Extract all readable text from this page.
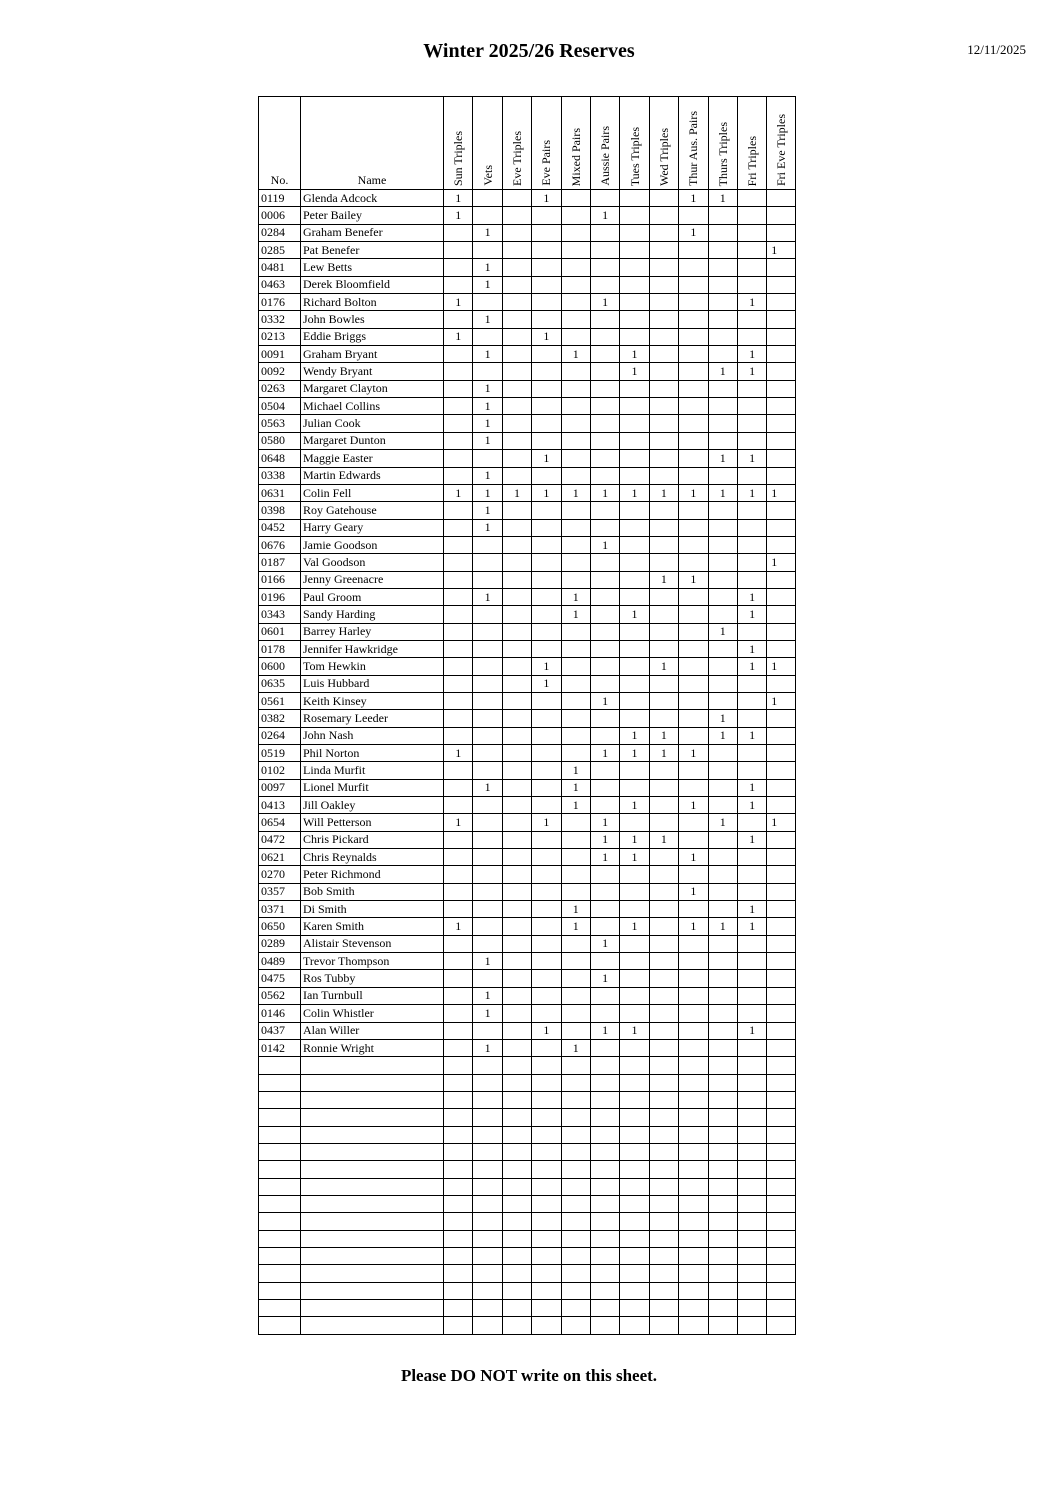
Winter 2025/26 Reserves	12/11/2025
No.	Name	Sun Triples	Vets	Eve Triples	Eve Pairs	Mixed Pairs	Aussie Pairs	Tues Triples	Wed Triples	Thur Aus. Pairs	Thurs Triples	Fri Triples	Fri Eve Triples

0119	Glenda Adcock	1			1					1	1		
0006	Peter Bailey	1					1						
0284	Graham Benefer		1							1			
0285	Pat Benefer												1
0481	Lew Betts		1										
0463	Derek Bloomfield		1										
0176	Richard Bolton	1					1					1	
0332	John Bowles		1										
0213	Eddie Briggs	1			1								
0091	Graham Bryant		1			1		1				1	
0092	Wendy Bryant							1			1	1	
0263	Margaret Clayton		1										
0504	Michael Collins		1										
0563	Julian Cook		1										
0580	Margaret Dunton		1										
0648	Maggie Easter				1						1	1	
0338	Martin Edwards		1										
0631	Colin Fell	1	1	1	1	1	1	1	1	1	1	1	1
0398	Roy Gatehouse		1										
0452	Harry Geary		1										
0676	Jamie Goodson						1						
0187	Val Goodson												1
0166	Jenny Greenacre								1	1			
0196	Paul Groom		1			1						1	
0343	Sandy Harding					1		1				1	
0601	Barrey Harley										1		
0178	Jennifer Hawkridge											1	
0600	Tom Hewkin				1				1			1	1
0635	Luis Hubbard				1								
0561	Keith Kinsey						1						1
0382	Rosemary Leeder										1		
0264	John Nash							1	1		1	1	
0519	Phil Norton	1					1	1	1	1			
0102	Linda Murfit					1							
0097	Lionel Murfit		1			1						1	
0413	Jill Oakley					1		1		1		1	
0654	Will Petterson	1			1		1				1		1
0472	Chris Pickard						1	1	1			1	
0621	Chris Reynalds						1	1		1			
0270	Peter Richmond												
0357	Bob Smith									1			
0371	Di Smith					1						1	
0650	Karen Smith	1				1		1		1	1	1	
0289	Alistair Stevenson						1						
0489	Trevor Thompson		1										
0475	Ros Tubby						1						
0562	Ian Turnbull		1										
0146	Colin Whistler		1										
0437	Alan Willer				1		1	1				1	
0142	Ronnie Wright		1			1							

Please DO NOT write on this sheet.
